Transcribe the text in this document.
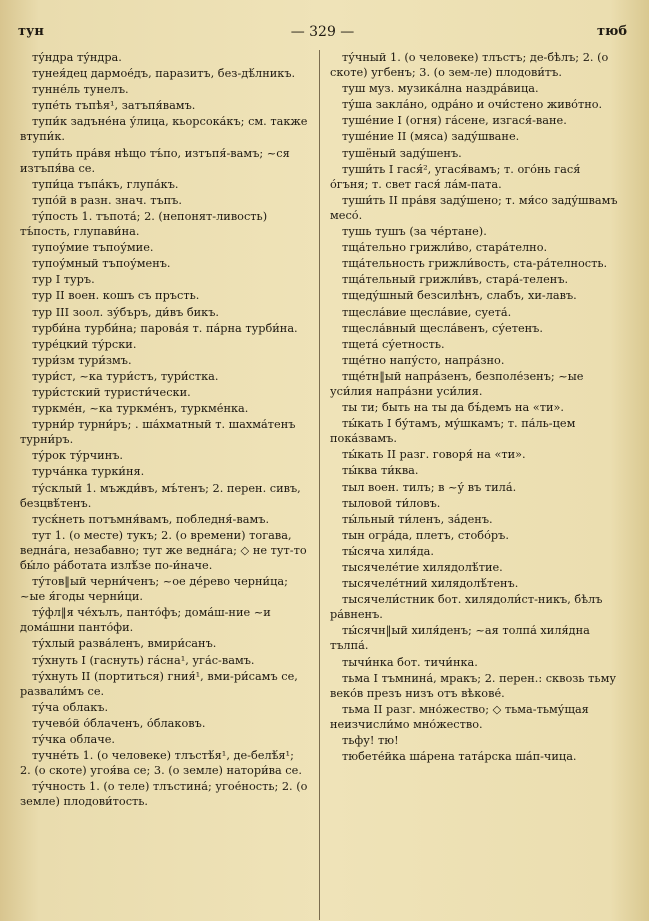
тун	— 329 —	тюб

ту́ндра ту́ндра.

тунея́дец дармое́дъ, паразитъ, без-дѣ́лникъ.

тунне́ль тунелъ.

тупе́ть тъпѣя¹, затъпя́вамъ.

тупи́к задъне́на у́лица, кьорсока́къ; см. также втупи́к.

тупи́ть пра́вя нѣщо тъ́по, изтъпя́-вамъ; ~ся изтъпя́ва се.

тупи́ца тъпа́къ, глупа́къ.

тупо́й в разн. знач. тъпъ.

ту́пость 1. тъпота́; 2. (непонят-ливость) тъ́пость, глупави́на.

тупоу́мие тъпоу́мие.

тупоу́мный тъпоу́менъ.

тур I туръ.

тур II воен. кошъ съ пръсть.

тур III зоол. зу́бъръ, ди́въ бикъ.

турби́на турби́на; парова́я т. па́рна турби́на.

туре́цкий ту́рски.

тури́зм тури́змъ.

тури́ст, ~ка тури́стъ, тури́стка.

тури́стский туристи́чески.

туркме́н, ~ка туркме́нъ, туркме́нка.

турни́р турни́ръ; . ша́хматный т. шахма́тенъ турни́ръ.

ту́рок ту́рчинъ.

турча́нка турки́ня.

ту́склый 1. мъжди́въ, мъ́тенъ; 2. перен. сивъ, безцвѣ́тенъ.

тусќнеть потъмня́вамъ, побледня́-вамъ.

тут 1. (о месте) тукъ; 2. (о времени) тогава, ведна́га, незабавно; тут же ведна́га; ◇ не тут-то бы́ло ра́ботата излѣ́зе по-и́наче.

ту́тов‖ый черни́ченъ; ~ое де́рево черни́ца; ~ые я́годы черни́ци.

ту́фл‖я че́хълъ, панто́фъ; дома́ш-ние ~и дома́шни панто́фи.

ту́хлый разва́ленъ, вмири́санъ.

ту́хнуть I (гаснуть) га́сна¹, уга́с-вамъ.

ту́хнуть II (портиться) гния́¹, вми-ри́самъ се, развали́мъ се.

ту́ча облакъ.

тучево́й о́блаченъ, о́блаковъ.

ту́чка облаче.

тучне́ть 1. (о человеке) тлъстѣ́я¹, де-белѣ́я¹; 2. (о скоте) угоя́ва се; 3. (о земле) натори́ва се.

ту́чность 1. (о теле) тлъстина́; угое́ность; 2. (о земле) плодови́тость.

ту́чный 1. (о человеке) тлъстъ; де-бѣлъ; 2. (о скоте) угбенъ; 3. (о зем-ле) плодови́тъ.

туш муз. музика́лна наздра́вица.

ту́ша закла́но, одра́но и очи́стено живо́тно.

туше́ние I (огня) га́сене, изгася́-ване.

туше́ние II (мяса) заду́шване.

тушёный заду́шенъ.

туши́ть I гася́², угася́вамъ; т. ого́нь гася́ о́гъня; т. свет гася́ ла́м-пата.

туши́ть II пра́вя заду́шено; т. мя́со заду́швамъ месо́.

тушь тушъ (за че́ртане).

тща́тельно грижли́во, стара́телно.

тща́тельность грижли́вость, ста-ра́телность.

тща́тельный грижли́въ, стара́-теленъ.

тщеду́шный безсилѣнъ, слабъ, хи-лавъ.

тщесла́вие щесла́вие, суета́.

тщесла́вный щесла́венъ, су́етенъ.

тщета́ су́етность.

тще́тно напу́сто, напра́зно.

тще́тн‖ый напра́зенъ, безполе́зенъ; ~ые уси́лия напра́зни уси́лия.

ты ти; быть на ты да бъ́демъ на «ти».

ты́кать I бу́тамъ, му́шкамъ; т. па́ль-цем пока́звамъ.

ты́кать II разг. говоря́ на «ти».

ты́ква ти́ква.

тыл воен. тилъ; в ~у́ въ тила́.

тыловой ти́ловъ.

ты́льный ти́ленъ, за́денъ.

тын огра́да, плетъ, стобо́ръ.

ты́сяча хиля́да.

тысячеле́тие хилядолѣ́тие.

тысячеле́тний хилядолѣ́тенъ.

тысячели́стник бот. хилядоли́ст-никъ, бѣлъ ра́вненъ.

ты́сячн‖ый хиля́денъ; ~ая толпа́ хиля́дна тълпа́.

тычи́нка бот. тичи́нка.

тьма I тъмнина́, мракъ; 2. перен.: сквозь тьму веко́в презъ низъ отъ вѣкове́.

тьма II разг. мно́жество; ◇ тьма-тьму́щая неизчисли́мо мно́жество.

тьфу! тю!

тюбете́йка ша́рена тата́рска ша́п-чица.
